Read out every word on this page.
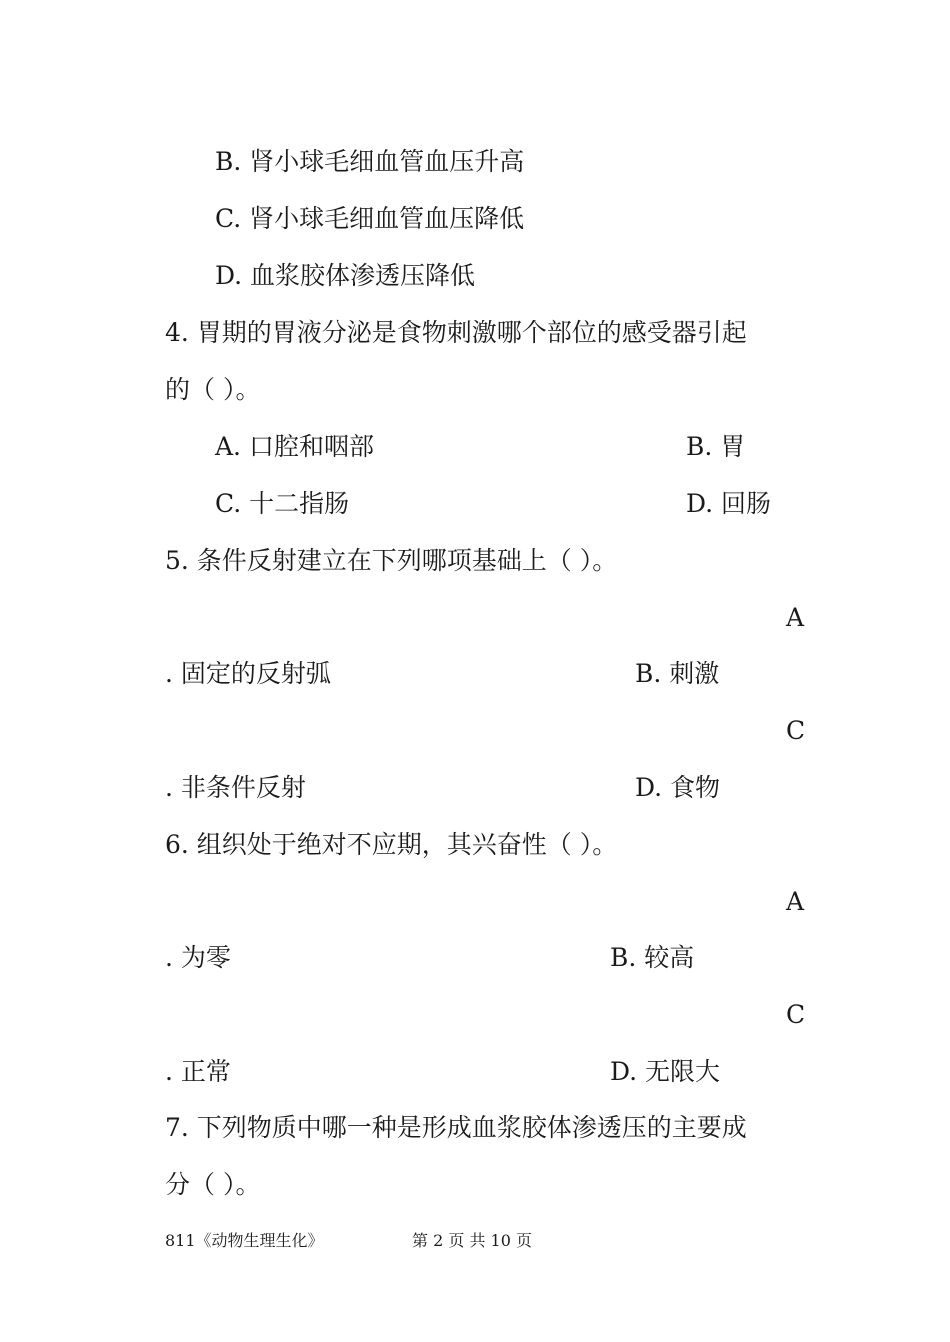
B. 肾小球毛细血管血压升高
C. 肾小球毛细血管血压降低
D. 血浆胶体渗透压降低
4. 胃期的胃液分泌是食物刺激哪个部位的感受器引起
的（ ）。
A. 口腔和咽部	B. 胃
C. 十二指肠	D. 回肠
5. 条件反射建立在下列哪项基础上（ ）。
A
. 固定的反射弧	B. 刺激
C
. 非条件反射	D. 食物
6. 组织处于绝对不应期，其兴奋性（ ）。
A
. 为零	B. 较高
C
. 正常	D. 无限大
7. 下列物质中哪一种是形成血浆胶体渗透压的主要成
分（ ）。
811《动物生理生化》	第 2 页 共 10 页
